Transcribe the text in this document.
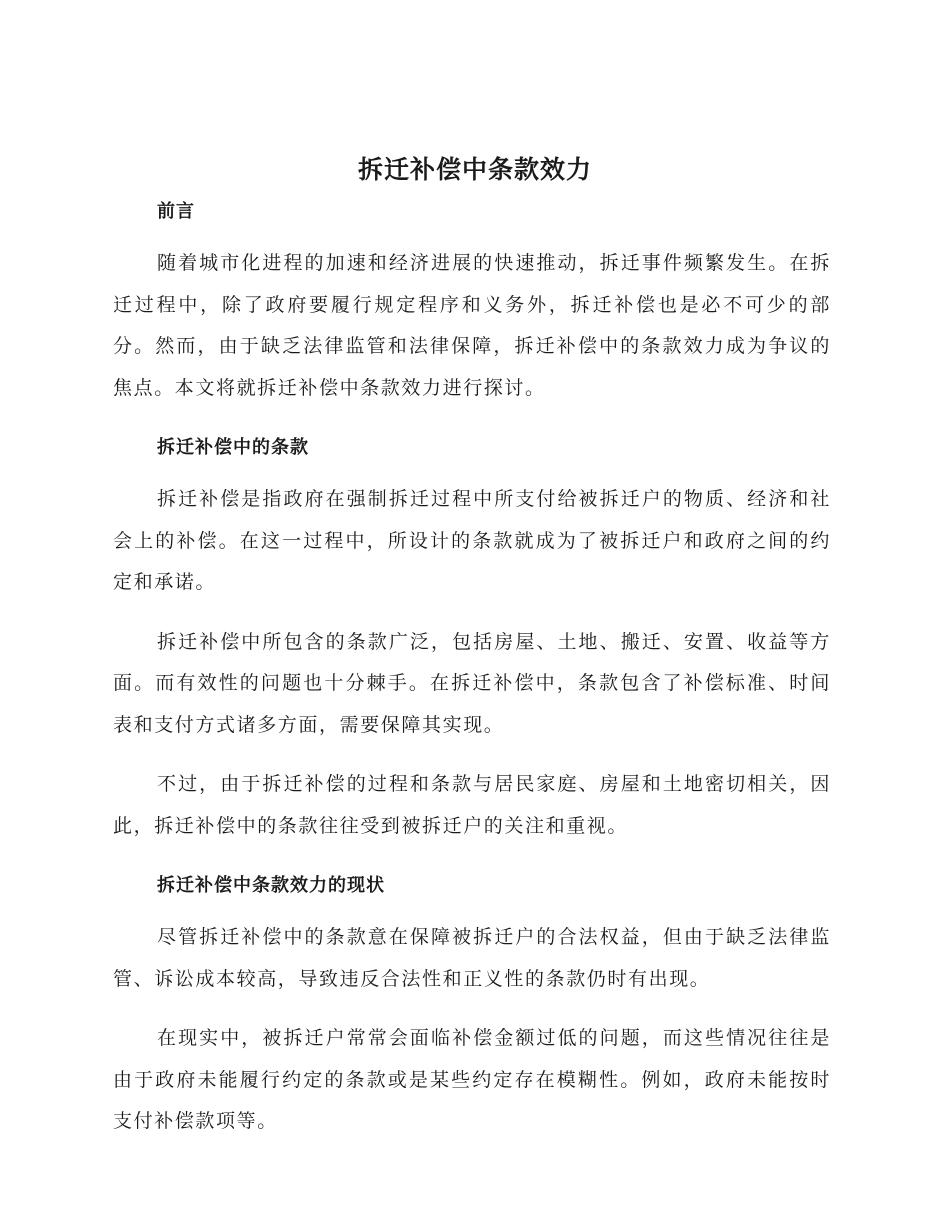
拆迁补偿中条款效力
前言

随着城市化进程的加速和经济进展的快速推动，拆迁事件频繁发生。在拆迁过程中，除了政府要履行规定程序和义务外，拆迁补偿也是必不可少的部分。然而，由于缺乏法律监管和法律保障，拆迁补偿中的条款效力成为争议的焦点。本文将就拆迁补偿中条款效力进行探讨。

拆迁补偿中的条款

拆迁补偿是指政府在强制拆迁过程中所支付给被拆迁户的物质、经济和社会上的补偿。在这一过程中，所设计的条款就成为了被拆迁户和政府之间的约定和承诺。

拆迁补偿中所包含的条款广泛，包括房屋、土地、搬迁、安置、收益等方面。而有效性的问题也十分棘手。在拆迁补偿中，条款包含了补偿标准、时间表和支付方式诸多方面，需要保障其实现。

不过，由于拆迁补偿的过程和条款与居民家庭、房屋和土地密切相关，因此，拆迁补偿中的条款往往受到被拆迁户的关注和重视。

拆迁补偿中条款效力的现状

尽管拆迁补偿中的条款意在保障被拆迁户的合法权益，但由于缺乏法律监管、诉讼成本较高，导致违反合法性和正义性的条款仍时有出现。

在现实中，被拆迁户常常会面临补偿金额过低的问题，而这些情况往往是由于政府未能履行约定的条款或是某些约定存在模糊性。例如，政府未能按时支付补偿款项等。
